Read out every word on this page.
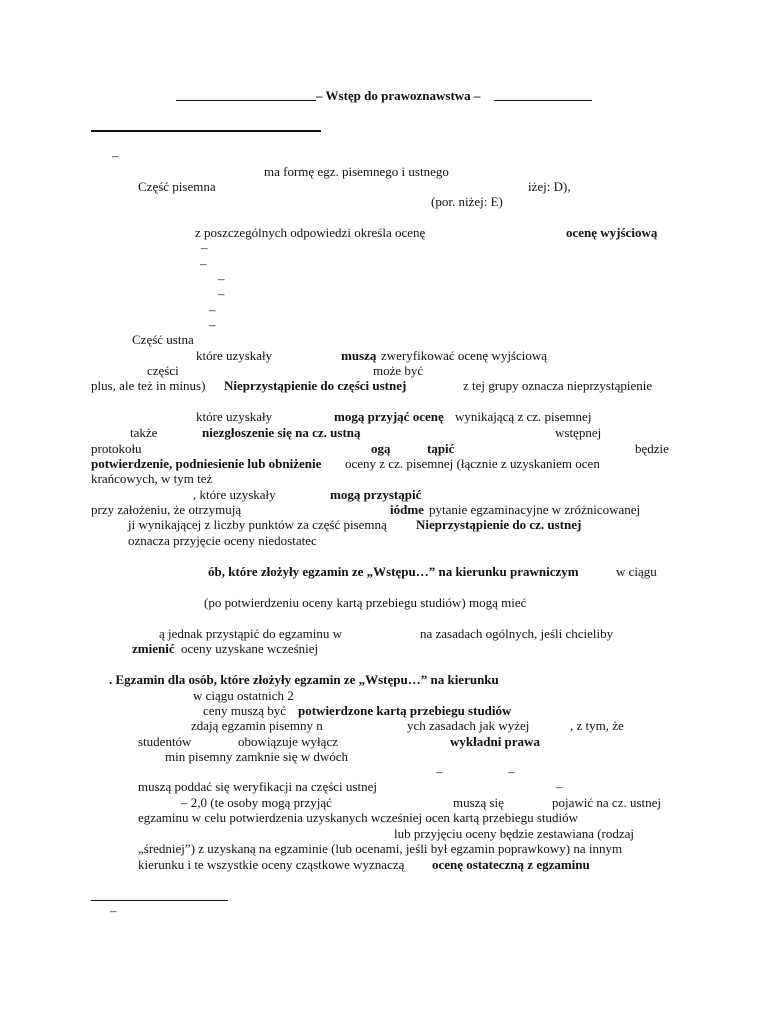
– Wstęp do prawoznawstwa –
–
ma formę egz. pisemnego i ustnego
Część pisemna	iżej: D),
(por. niżej: E)
z poszczególnych odpowiedzi określa ocenę	ocenę wyjściową
–
–
–
–
–
–
Część ustna
które uzyskały	muszą zweryfikować ocenę wyjściową
części	może być
plus, ale też in minus) Nieprzystąpienie do części ustnej	z tej grupy oznacza nieprzystąpienie
które uzyskały	mogą przyjąć ocenę wynikającą z cz. pisemnej
także	niezgłoszenie się na cz. ustną	wstępnej
protokołu	ogą	tąpić	będzie
potwierdzenie, podniesienie lub obniżenie oceny z cz. pisemnej (łącznie z uzyskaniem ocen
krańcowych, w tym też
, które uzyskały	mogą przystąpić
przy założeniu, że otrzymują	iódme pytanie egzaminacyjne w zróżnicowanej
ji wynikającej z liczby punktów za część pisemną Nieprzystąpienie do cz. ustnej
oznacza przyjęcie oceny niedostatec
ób, które złożyły egzamin ze „Wstępu…” na kierunku prawniczym	w ciągu
(po potwierdzeniu oceny kartą przebiegu studiów) mogą mieć
ą jednak przystąpić do egzaminu w	na zasadach ogólnych, jeśli chcieliby
zmienić oceny uzyskane wcześniej
. Egzamin dla osób, które złożyły egzamin ze „Wstępu…” na kierunku
w ciągu ostatnich 2
ceny muszą być potwierdzone kartą przebiegu studiów
zdają egzamin pisemny n	ych zasadach jak wyżej	, z tym, że
studentów	obowiązuje wyłącz	wykładni prawa
min pisemny zamknie się w dwóch
–	–
muszą poddać się weryfikacji na części ustnej	–
– 2,0 (te osoby mogą przyjąć	muszą się	pojawić na cz. ustnej
egzaminu w celu potwierdzenia uzyskanych wcześniej ocen kartą przebiegu studiów
lub przyjęciu oceny będzie zestawiana (rodzaj
„średniej”) z uzyskaną na egzaminie (lub ocenami, jeśli był egzamin poprawkowy) na innym
kierunku i te wszystkie oceny cząstkowe wyznaczą ocenę ostateczną z egzaminu
–
